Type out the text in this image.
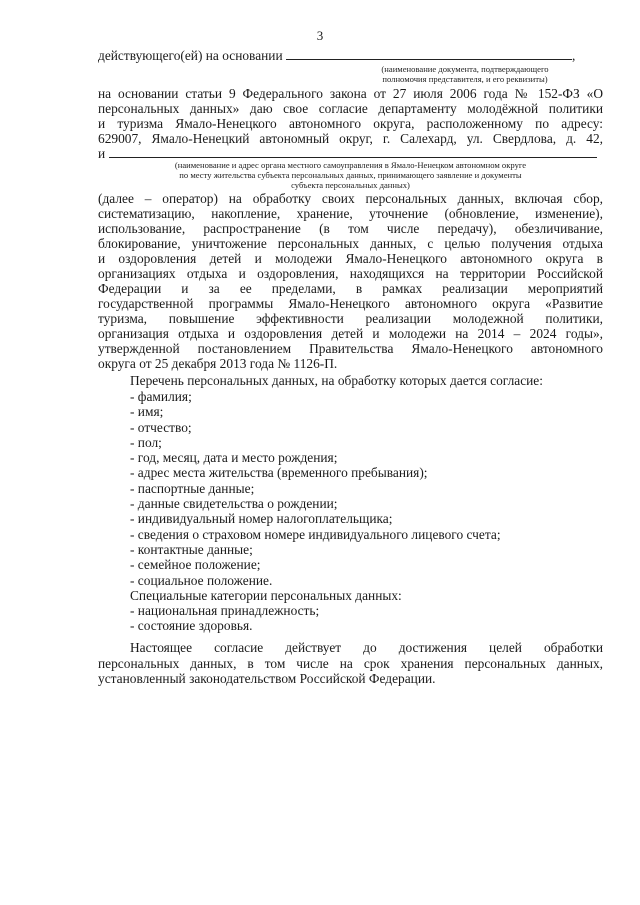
3
действующего(ей) на основании	,
(наименование документа, подтверждающего
полномочия представителя, и его реквизиты)
на основании статьи 9 Федерального закона от 27 июля 2006 года № 152-ФЗ «О
персональных данных» даю свое согласие департаменту молодёжной политики
и туризма Ямало-Ненецкого автономного округа, расположенному по адресу:
629007, Ямало-Ненецкий автономный округ, г. Салехард, ул. Свердлова, д. 42,
и
(наименование и адрес органа местного самоуправления в Ямало-Ненецком автономном округе
по месту жительства субъекта персональных данных, принимающего заявление и документы
субъекта персональных данных)
(далее – оператор) на обработку своих персональных данных, включая сбор,
систематизацию, накопление, хранение, уточнение (обновление, изменение),
использование, распространение (в том числе передачу), обезличивание,
блокирование, уничтожение персональных данных, с целью получения отдыха
и оздоровления детей и молодежи Ямало-Ненецкого автономного округа в
организациях отдыха и оздоровления, находящихся на территории Российской
Федерации и за ее пределами, в рамках реализации мероприятий
государственной программы Ямало-Ненецкого автономного округа «Развитие
туризма, повышение эффективности реализации молодежной политики,
организация отдыха и оздоровления детей и молодежи на 2014 – 2024 годы»,
утвержденной постановлением Правительства Ямало-Ненецкого автономного
округа от 25 декабря 2013 года № 1126-П.
Перечень персональных данных, на обработку которых дается согласие:
- фамилия;
- имя;
- отчество;
- пол;
- год, месяц, дата и место рождения;
- адрес места жительства (временного пребывания);
- паспортные данные;
- данные свидетельства о рождении;
- индивидуальный номер налогоплательщика;
- сведения о страховом номере индивидуального лицевого счета;
- контактные данные;
- семейное положение;
- социальное положение.
Специальные категории персональных данных:
- национальная принадлежность;
- состояние здоровья.
Настоящее согласие действует до достижения целей обработки
персональных данных, в том числе на срок хранения персональных данных,
установленный законодательством Российской Федерации.
